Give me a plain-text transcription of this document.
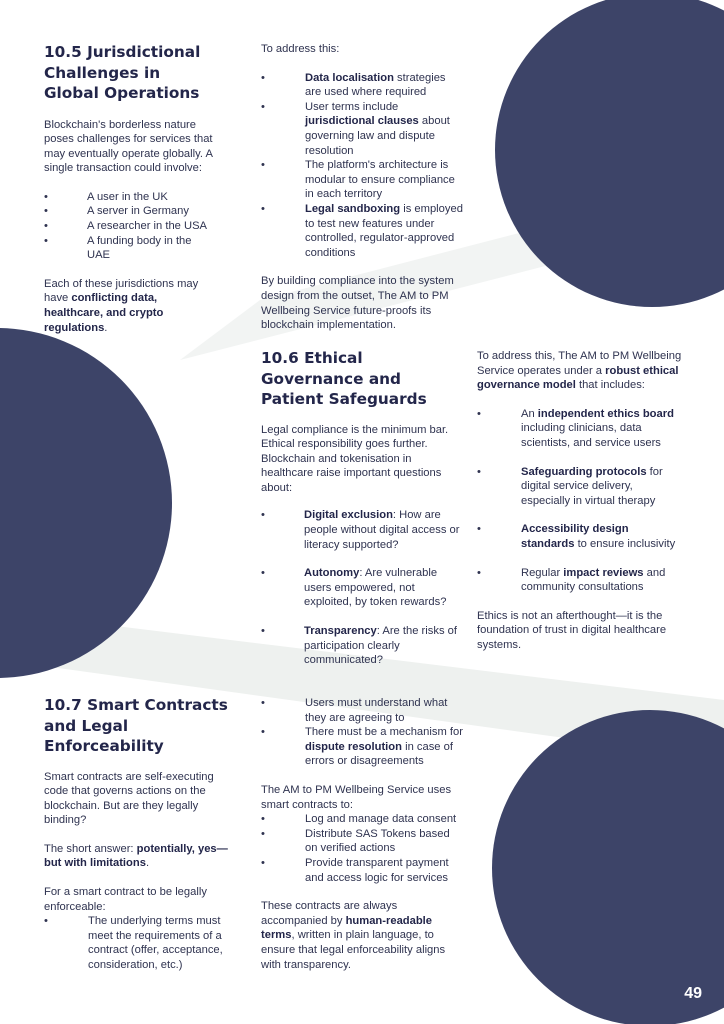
10.5 Jurisdictional Challenges in Global Operations

Blockchain's borderless nature poses challenges for services that may eventually operate globally. A single transaction could involve:

•	A user in the UK
•	A server in Germany
•	A researcher in the USA
•	A funding body in the UAE

Each of these jurisdictions may have conflicting data, healthcare, and crypto regulations.

To address this:

•	Data localisation strategies are used where required
•	User terms include jurisdictional clauses about governing law and dispute resolution
•	The platform's architecture is modular to ensure compliance in each territory
•	Legal sandboxing is employed to test new features under controlled, regulator-approved conditions

By building compliance into the system design from the outset, The AM to PM Wellbeing Service future-proofs its blockchain implementation.

10.6 Ethical Governance and Patient Safeguards

Legal compliance is the minimum bar. Ethical responsibility goes further. Blockchain and tokenisation in healthcare raise important questions about:

•	Digital exclusion: How are people without digital access or literacy supported?
•	Autonomy: Are vulnerable users empowered, not exploited, by token rewards?
•	Transparency: Are the risks of participation clearly communicated?

To address this, The AM to PM Wellbeing Service operates under a robust ethical governance model that includes:

•	An independent ethics board including clinicians, data scientists, and service users
•	Safeguarding protocols for digital service delivery, especially in virtual therapy
•	Accessibility design standards to ensure inclusivity
•	Regular impact reviews and community consultations

Ethics is not an afterthought—it is the foundation of trust in digital healthcare systems.

10.7 Smart Contracts and Legal Enforceability

Smart contracts are self-executing code that governs actions on the blockchain. But are they legally binding?

The short answer: potentially, yes—but with limitations.

For a smart contract to be legally enforceable:

•	The underlying terms must meet the requirements of a contract (offer, acceptance, consideration, etc.)
•	Users must understand what they are agreeing to
•	There must be a mechanism for dispute resolution in case of errors or disagreements

The AM to PM Wellbeing Service uses smart contracts to:

•	Log and manage data consent
•	Distribute SAS Tokens based on verified actions
•	Provide transparent payment and access logic for services

These contracts are always accompanied by human-readable terms, written in plain language, to ensure that legal enforceability aligns with transparency.

49
